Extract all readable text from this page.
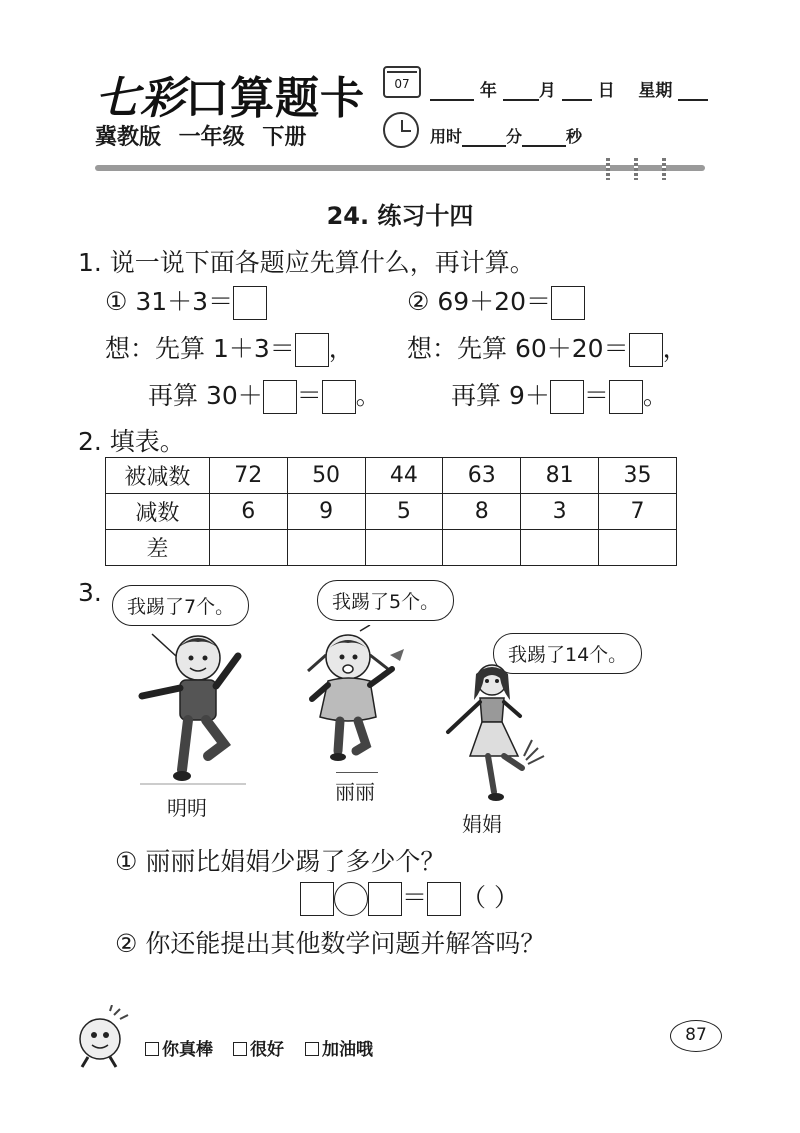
七彩口算题卡
冀教版 一年级 下册
07	年 月 日 星期
用时	分	秒
24. 练习十四
1. 说一说下面各题应先算什么，再计算。
① 31＋3＝	② 69＋20＝
想：先算 1＋3＝ ， 想：先算 60＋20＝ ，
再算 30＋ ＝ 。	再算 9＋ ＝ 。
2. 填表。
被减数	72	50	44	63	81	35
减数	6	9	5	8	3	7
差						
3.	我踢了7个。	我踢了5个。
我踢了14个。
明明
丽丽
娟娟
① 丽丽比娟娟少踢了多少个？
＝ （ ）
② 你还能提出其他数学问题并解答吗？
你真棒	很好	加油哦
87
